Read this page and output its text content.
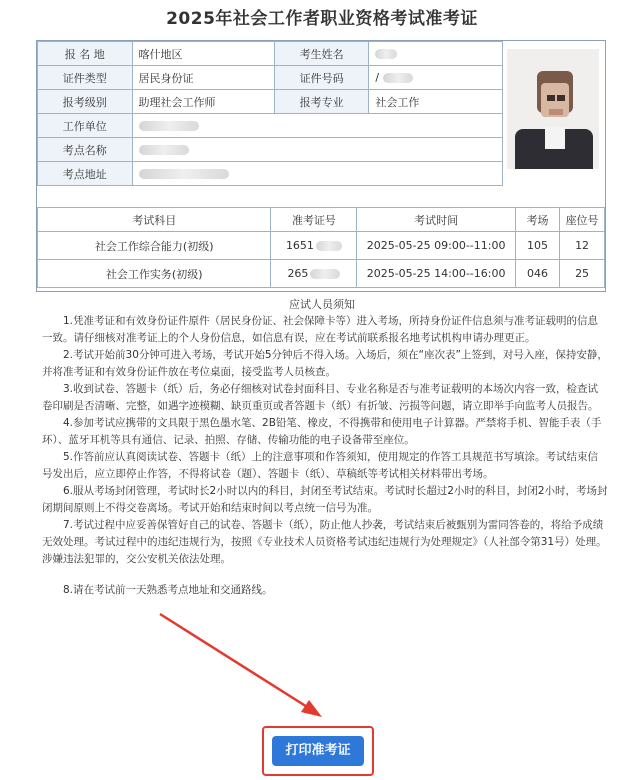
2025年社会工作者职业资格考试准考证
报 名 地	喀什地区	考生姓名	
证件类型	居民身份证	证件号码	/
报考级别	助理社会工作师	报考专业	社会工作
工作单位			
考点名称			
考点地址			
考试科目	准考证号	考试时间	考场	座位号
社会工作综合能力(初级)	1651	2025-05-25 09:00--11:00	105	12
社会工作实务(初级)	265	2025-05-25 14:00--16:00	046	25
应试人员须知

1.凭准考证和有效身份证件原件（居民身份证、社会保障卡等）进入考场，所持身份证件信息须与准考证载明的信息一致。请仔细核对准考证上的个人身份信息，如信息有误，应在考试前联系报名地考试机构申请办理更正。

2.考试开始前30分钟可进入考场，考试开始5分钟后不得入场。入场后，须在“座次表”上签到，对号入座，保持安静，并将准考证和有效身份证件放在考位桌面，接受监考人员核查。

3.收到试卷、答题卡（纸）后，务必仔细核对试卷封面科目、专业名称是否与准考证载明的本场次内容一致，检查试卷印刷是否清晰、完整，如遇字迹模糊、缺页重页或者答题卡（纸）有折皱、污损等问题，请立即举手向监考人员报告。

4.参加考试应携带的文具限于黑色墨水笔、2B铅笔、橡皮，不得携带和使用电子计算器。严禁将手机、智能手表（手环）、蓝牙耳机等具有通信、记录、拍照、存储、传输功能的电子设备带至座位。

5.作答前应认真阅读试卷、答题卡（纸）上的注意事项和作答须知，使用规定的作答工具规范书写填涂。考试结束信号发出后，应立即停止作答，不得将试卷（题）、答题卡（纸）、草稿纸等考试相关材料带出考场。

6.服从考场封闭管理，考试时长2小时以内的科目，封闭至考试结束。考试时长超过2小时的科目，封闭2小时，考场封闭期间原则上不得交卷离场。考试开始和结束时间以考点统一信号为准。

7.考试过程中应妥善保管好自己的试卷、答题卡（纸），防止他人抄袭，考试结束后被甄别为雷同答卷的，将给予成绩无效处理。考试过程中的违纪违规行为，按照《专业技术人员资格考试违纪违规行为处理规定》（人社部令第31号）处理。涉嫌违法犯罪的，交公安机关依法处理。

8.请在考试前一天熟悉考点地址和交通路线。

打印准考证
